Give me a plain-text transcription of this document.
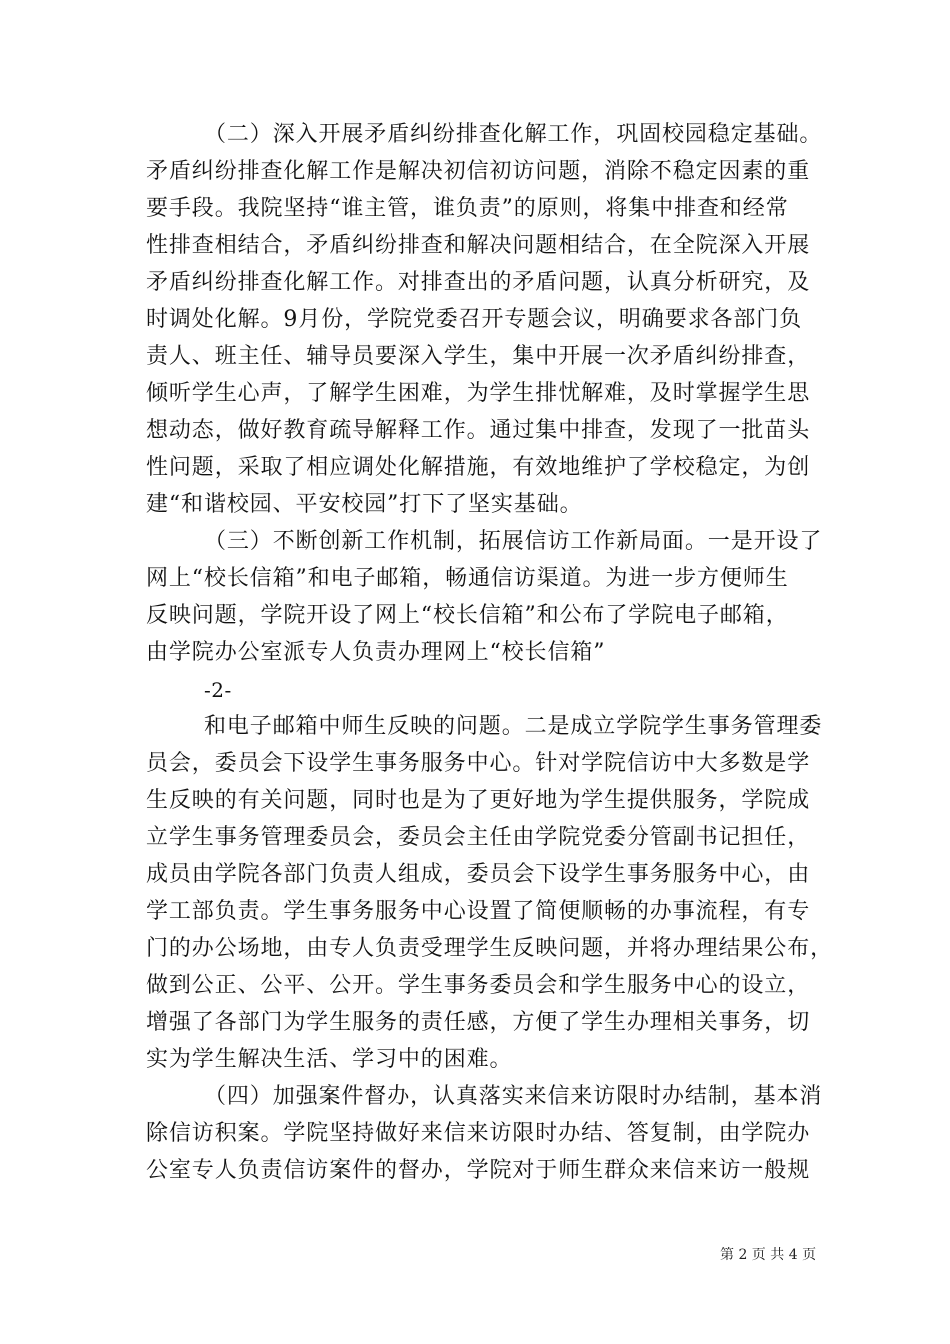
（二）深入开展矛盾纠纷排查化解工作，巩固校园稳定基础。
矛盾纠纷排查化解工作是解决初信初访问题，消除不稳定因素的重
要手段。我院坚持“谁主管，谁负责”的原则，将集中排查和经常
性排查相结合，矛盾纠纷排查和解决问题相结合，在全院深入开展
矛盾纠纷排查化解工作。对排查出的矛盾问题，认真分析研究，及
时调处化解。9月份，学院党委召开专题会议，明确要求各部门负
责人、班主任、辅导员要深入学生，集中开展一次矛盾纠纷排查，
倾听学生心声，了解学生困难，为学生排忧解难，及时掌握学生思
想动态，做好教育疏导解释工作。通过集中排查，发现了一批苗头
性问题，采取了相应调处化解措施，有效地维护了学校稳定，为创
建“和谐校园、平安校园”打下了坚实基础。
（三）不断创新工作机制，拓展信访工作新局面。一是开设了
网上“校长信箱”和电子邮箱，畅通信访渠道。为进一步方便师生
反映问题，学院开设了网上“校长信箱”和公布了学院电子邮箱，
由学院办公室派专人负责办理网上“校长信箱”
-2-
和电子邮箱中师生反映的问题。二是成立学院学生事务管理委
员会，委员会下设学生事务服务中心。针对学院信访中大多数是学
生反映的有关问题，同时也是为了更好地为学生提供服务，学院成
立学生事务管理委员会，委员会主任由学院党委分管副书记担任，
成员由学院各部门负责人组成，委员会下设学生事务服务中心，由
学工部负责。学生事务服务中心设置了简便顺畅的办事流程，有专
门的办公场地，由专人负责受理学生反映问题，并将办理结果公布，
做到公正、公平、公开。学生事务委员会和学生服务中心的设立，
增强了各部门为学生服务的责任感，方便了学生办理相关事务，切
实为学生解决生活、学习中的困难。
（四）加强案件督办，认真落实来信来访限时办结制，基本消
除信访积案。学院坚持做好来信来访限时办结、答复制，由学院办
公室专人负责信访案件的督办，学院对于师生群众来信来访一般规
第 2 页 共 4 页
